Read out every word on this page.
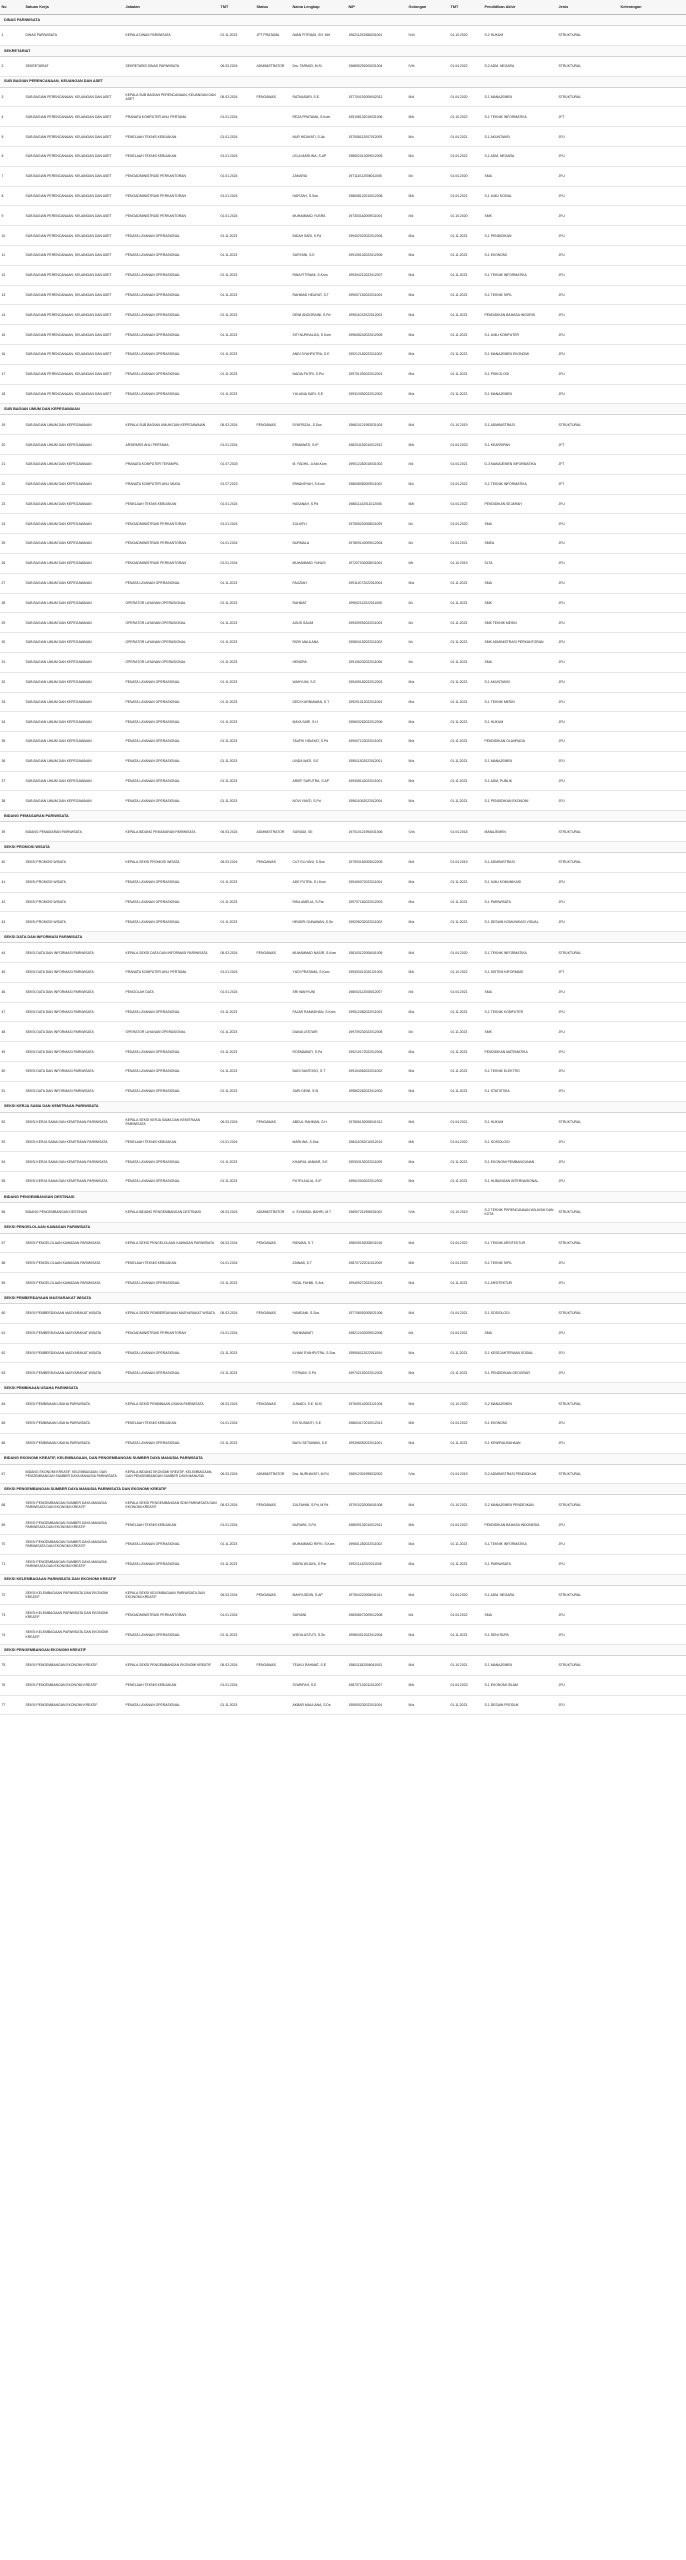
No	Satuan Kerja	Jabatan	TMT	Status	Nama Lengkap	NIP	Golongan	TMT	Pendidikan Akhir	Jenis	Keterangan
DINAS PARIWISATA											
1	DINAS PARIWISATA	KEPALA DINAS PARIWISATA	01.11.2023	JPT PRATAMA	IWAN FITRIADI, SH, MH	196211251986031004	IV/d	01.10.2020	S-2 HUKUM	STRUKTURAL	
SEKRETARIAT											
2	SEKRETARIAT	SEKRETARIS DINAS PARIWISATA	06.03.2024	ADMINISTRATOR	Drs. TARMIZI, M.Si	196805292000031004	IV/b	01.04.2022	S-2 ADM. NEGARA	STRUKTURAL	
SUB BAGIAN PERENCANAAN, KEUANGAN DAN ASET											
3	SUB BAGIAN PERENCANAAN, KEUANGAN DAN ASET	KEPALA SUB BAGIAN PERENCANAAN, KEUANGAN DAN ASET	06.03.2024	PENGAWAS	RATNASARI, S.E.	197704192006042012	III/d	01.04.2020	S-1 MANAJEMEN	STRUKTURAL	
4	SUB BAGIAN PERENCANAAN, KEUANGAN DAN ASET	PRANATA KOMPUTER AHLI PERTAMA	01.01.2024		REZA PRATAMA, S.Kom	199108132019031006	III/b	01.10.2022	S-1 TEKNIK INFORMATIKA	JFT	
5	SUB BAGIAN PERENCANAAN, KEUANGAN DAN ASET	PENELAAH TEKNIS KEBIJAKAN	01.01.2024		NUR HIDAYATI, S.Ak	197508112007012009	III/c	01.04.2021	S-1 AKUNTANSI	JFU	
6	SUB BAGIAN PERENCANAAN, KEUANGAN DAN ASET	PENELAAH TEKNIS KEBIJAKAN	01.01.2024		LELA MARLINA, S.AP	198502012009012005	III/c	01.04.2022	S-1 ADM. NEGARA	JFU	
7	SUB BAGIAN PERENCANAAN, KEUANGAN DAN ASET	PENGADMINISTRASI PERKANTORAN	01.01.2024		ZAKARIA	197111012008011005	II/c	01.04.2020	SMA	JFU	
8	SUB BAGIAN PERENCANAAN, KEUANGAN DAN ASET	PENGADMINISTRASI PERKANTORAN	01.01.2024		HAFIZAH, S.Sos	198608122010012008	III/b	01.04.2021	S-1 ILMU SOSIAL	JFU	
9	SUB BAGIAN PERENCANAAN, KEUANGAN DAN ASET	PENGADMINISTRASI PERKANTORAN	01.01.2024		MUHAMMAD YUSRA	197303162009011004	II/d	01.10.2020	SMK	JFU	
10	SUB BAGIAN PERENCANAAN, KEUANGAN DAN ASET	PENATA LAYANAN OPERASIONAL	01.11.2023		INDAH SARI, S.Pd	199402022022012004	III/a	01.11.2023	S-1 PENDIDIKAN	JFU	
11	SUB BAGIAN PERENCANAAN, KEUANGAN DAN ASET	PENATA LAYANAN OPERASIONAL	01.11.2023		SURYANI, S.E	199105132022012006	III/a	01.11.2023	S-1 EKONOMI	JFU	
12	SUB BAGIAN PERENCANAAN, KEUANGAN DAN ASET	PENATA LAYANAN OPERASIONAL	01.11.2023		RINA FITRIANI, S.Kom	199304212022012007	III/a	01.11.2023	S-1 TEKNIK INFORMATIKA	JFU	
13	SUB BAGIAN PERENCANAAN, KEUANGAN DAN ASET	PENATA LAYANAN OPERASIONAL	01.11.2023		RAHMAD HIDAYAT, S.T	199007152022011004	III/a	01.11.2023	S-1 TEKNIK SIPIL	JFU	
14	SUB BAGIAN PERENCANAAN, KEUANGAN DAN ASET	PENATA LAYANAN OPERASIONAL	01.11.2023		DEWI ANGGRAINI, S.Pd	199511022022012003	III/a	01.11.2023	PENDIDIKAN BAHASA INGGRIS	JFU	
15	SUB BAGIAN PERENCANAAN, KEUANGAN DAN ASET	PENATA LAYANAN OPERASIONAL	01.11.2023		SITI NURHALIZA, S.Kom	199608242022012005	III/a	01.11.2023	S-1 ILMU KOMPUTER	JFU	
16	SUB BAGIAN PERENCANAAN, KEUANGAN DAN ASET	PENATA LAYANAN OPERASIONAL	01.11.2023		ANDI SYAHPUTRA, S.E	199212182022011002	III/a	01.11.2023	S-1 MANAJEMEN EKONOMI	JFU	
17	SUB BAGIAN PERENCANAAN, KEUANGAN DAN ASET	PENATA LAYANAN OPERASIONAL	01.11.2023		NADIA PUTRI, S.Psi	199701092022012001	III/a	01.11.2023	S-1 PSIKOLOGI	JFU	
18	SUB BAGIAN PERENCANAAN, KEUANGAN DAN ASET	PENATA LAYANAN OPERASIONAL	01.11.2023		YULIANA SARI, S.E	199310052022012002	III/a	01.11.2023	S-1 MANAJEMEN	JFU	
SUB BAGIAN UMUM DAN KEPEGAWAIAN											
19	SUB BAGIAN UMUM DAN KEPEGAWAIAN	KEPALA SUB BAGIAN UMUM DAN KEPEGAWAIAN	06.03.2024	PENGAWAS	SYAFRIZAL, S.Sos	196810121993031003	III/d	01.10.2019	S-1 ADMINISTRASI	STRUKTURAL	
20	SUB BAGIAN UMUM DAN KEPEGAWAIAN	ARSIPARIS AHLI PERTAMA	01.01.2024		ERMAWATI, S.IP	198204152010012012	III/b	01.04.2023	S-1 KEARSIPAN	JFT	
21	SUB BAGIAN UMUM DAN KEPEGAWAIAN	PRANATA KOMPUTER TERAMPIL	01.07.2023		M. FADHIL, A.Md.Kom	199012262015031002	II/d	01.04.2021	D-3 MANAJEMEN INFORMATIKA	JFT	
22	SUB BAGIAN UMUM DAN KEPEGAWAIAN	PRANATA KOMPUTER AHLI MUDA	01.07.2023		IRWANSYAH, S.Kom	198608082009011002	III/c	01.04.2022	S-1 TEKNIK INFORMATIKA	JFT	
23	SUB BAGIAN UMUM DAN KEPEGAWAIAN	PENELAAH TEKNIS KEBIJAKAN	01.01.2024		HASANAH, S.Pd	198811142011012006	III/b	01.04.2022	PENDIDIKAN SEJARAH	JFU	
24	SUB BAGIAN UMUM DAN KEPEGAWAIAN	PENGADMINISTRASI PERKANTORAN	01.01.2024		ZULKIFLI	197505202008011009	II/c	01.04.2020	SMA	JFU	
25	SUB BAGIAN UMUM DAN KEPEGAWAIAN	PENGADMINISTRASI PERKANTORAN	01.01.2024		NURMALA	197809142009012004	II/c	01.04.2021	SMEA	JFU	
26	SUB BAGIAN UMUM DAN KEPEGAWAIAN	PENGADMINISTRASI PERKANTORAN	01.01.2024		MUHAMMAD YUNUS	197207032008011004	II/b	01.10.2019	SLTA	JFU	
27	SUB BAGIAN UMUM DAN KEPEGAWAIAN	PENATA LAYANAN OPERASIONAL	01.11.2023		FAUZIAH	199112072022012004	III/a	01.11.2023	SMA	JFU	
28	SUB BAGIAN UMUM DAN KEPEGAWAIAN	OPERATOR LAYANAN OPERASIONAL	01.11.2023		RAHMAT	199502112022011005	II/c	01.11.2023	SMK	JFU	
29	SUB BAGIAN UMUM DAN KEPEGAWAIAN	OPERATOR LAYANAN OPERASIONAL	01.11.2023		AGUS SALIM	199309092022011003	II/c	01.11.2023	SMK TEKNIK MESIN	JFU	
30	SUB BAGIAN UMUM DAN KEPEGAWAIAN	OPERATOR LAYANAN OPERASIONAL	01.11.2023		RIZKI MAULANA	199804152022011002	II/c	01.11.2023	SMK ADMINISTRASI PERKANTORAN	JFU	
31	SUB BAGIAN UMUM DAN KEPEGAWAIAN	OPERATOR LAYANAN OPERASIONAL	01.11.2023		HENDRA	199106202022011006	II/c	01.11.2023	SMA	JFU	
32	SUB BAGIAN UMUM DAN KEPEGAWAIAN	PENATA LAYANAN OPERASIONAL	01.11.2023		WAHYUNI, S.E	199405182022012003	III/a	01.11.2023	S-1 AKUNTANSI	JFU	
33	SUB BAGIAN UMUM DAN KEPEGAWAIAN	PENATA LAYANAN OPERASIONAL	01.11.2023		DEDI KURNIAWAN, S.T	199201012022011004	III/a	01.11.2023	S-1 TEKNIK MESIN	JFU	
34	SUB BAGIAN UMUM DAN KEPEGAWAIAN	PENATA LAYANAN OPERASIONAL	01.11.2023		MAYA SARI, S.H	199603252022012006	III/a	01.11.2023	S-1 HUKUM	JFU	
35	SUB BAGIAN UMUM DAN KEPEGAWAIAN	PENATA LAYANAN OPERASIONAL	01.11.2023		TAUFIK HIDAYAT, S.Pd	199007122022011003	III/a	01.11.2023	PENDIDIKAN OLAHRAGA	JFU	
36	SUB BAGIAN UMUM DAN KEPEGAWAIAN	PENATA LAYANAN OPERASIONAL	01.11.2023		LINDA WATI, S.E	199511302022012001	III/a	01.11.2023	S-1 MANAJEMEN	JFU	
37	SUB BAGIAN UMUM DAN KEPEGAWAIAN	PENATA LAYANAN OPERASIONAL	01.11.2023		ARIEF SAPUTRA, S.AP	199308142022011001	III/a	01.11.2023	S-1 ADM. PUBLIK	JFU	
38	SUB BAGIAN UMUM DAN KEPEGAWAIAN	PENATA LAYANAN OPERASIONAL	01.11.2023		NOVI YANTI, S.Pd	199611062022012004	III/a	01.11.2023	S-1 PENDIDIKAN EKONOMI	JFU	
BIDANG PEMASARAN PARIWISATA											
39	BIDANG PEMASARAN PARIWISATA	KEPALA BIDANG PEMASARAN PARIWISATA	06.03.2024	ADMINISTRATOR	SURIADI, SE	197010121994031006	IV/a	01.04.2018	MANAJEMEN	STRUKTURAL	
SEKSI PROMOSI WISATA											
40	SEKSI PROMOSI WISATA	KEPALA SEKSI PROMOSI WISATA	06.03.2024	PENGAWAS	CUT ELLYANI, S.Sos	197903182005022005	III/d	01.04.2019	S-1 ADMINISTRASI	STRUKTURAL	
41	SEKSI PROMOSI WISATA	PENATA LAYANAN OPERASIONAL	01.11.2023		ADE PUTRA, S.I.Kom	199406072022011004	III/a	01.11.2023	S-1 ILMU KOMUNIKASI	JFU	
42	SEKSI PROMOSI WISATA	PENATA LAYANAN OPERASIONAL	01.11.2023		RIKA AMELIA, S.Par	199707182022012003	III/a	01.11.2023	S-1 PARIWISATA	JFU	
43	SEKSI PROMOSI WISATA	PENATA LAYANAN OPERASIONAL	01.11.2023		HENDRI GUNAWAN, S.Sn	199208232022011002	III/a	01.11.2023	S-1 DESAIN KOMUNIKASI VISUAL	JFU	
SEKSI DATA DAN INFORMASI PARIWISATA											
44	SEKSI DATA DAN INFORMASI PARIWISATA	KEPALA SEKSI DATA DAN INFORMASI PARIWISATA	06.03.2024	PENGAWAS	MUHAMMAD NASIR, S.Kom	198103122006041005	III/d	01.04.2020	S-1 TEKNIK INFORMATIKA	STRUKTURAL	
45	SEKSI DATA DAN INFORMASI PARIWISATA	PRANATA KOMPUTER AHLI PERTAMA	01.01.2024		YUDI PRATAMA, S.Kom	199303012020121003	III/b	01.10.2022	S-1 SISTEM INFORMASI	JFT	
46	SEKSI DATA DAN INFORMASI PARIWISATA	PENGOLAH DATA	01.01.2024		SRI WAHYUNI	198002112008012007	II/d	01.04.2021	SMA	JFU	
47	SEKSI DATA DAN INFORMASI PARIWISATA	PENATA LAYANAN OPERASIONAL	01.11.2023		FAJAR RAMADHAN, S.Kom	199512082022011003	III/a	01.11.2023	S-1 TEKNIK KOMPUTER	JFU	
48	SEKSI DATA DAN INFORMASI PARIWISATA	OPERATOR LAYANAN OPERASIONAL	01.11.2023		DIANA LESTARI	199709232022012005	II/c	01.11.2023	SMK	JFU	
49	SEKSI DATA DAN INFORMASI PARIWISATA	PENATA LAYANAN OPERASIONAL	01.11.2023		ROSMAWATI, S.Pd	199210172022012004	III/a	01.11.2023	PENDIDIKAN MATEMATIKA	JFU	
50	SEKSI DATA DAN INFORMASI PARIWISATA	PENATA LAYANAN OPERASIONAL	01.11.2023		BUDI SANTOSO, S.T	199104062022011002	III/a	01.11.2023	S-1 TEKNIK ELEKTRO	JFU	
51	SEKSI DATA DAN INFORMASI PARIWISATA	PENATA LAYANAN OPERASIONAL	01.11.2023		SARI DEWI, S.Si	199802262022012002	III/a	01.11.2023	S-1 STATISTIKA	JFU	
SEKSI KERJA SAMA DAN KEMITRAAN PARIWISATA											
52	SEKSI KERJA SAMA DAN KEMITRAAN PARIWISATA	KEPALA SEKSI KERJA SAMA DAN KEMITRAAN PARIWISATA	06.03.2024	PENGAWAS	ABDUL RAHMAN, S.H	197806152006041012	III/d	01.04.2021	S-1 HUKUM	STRUKTURAL	
53	SEKSI KERJA SAMA DAN KEMITRAAN PARIWISATA	PENELAAH TEKNIS KEBIJAKAN	01.01.2024		MARLINA, S.Sos	198411052010012014	III/b	01.04.2022	S-1 SOSIOLOGI	JFU	
54	SEKSI KERJA SAMA DAN KEMITRAAN PARIWISATA	PENATA LAYANAN OPERASIONAL	01.11.2023		KHAIRUL ANWAR, S.E	199303192022011005	III/a	01.11.2023	S-1 EKONOMI PEMBANGUNAN	JFU	
55	SEKSI KERJA SAMA DAN KEMITRAAN PARIWISATA	PENATA LAYANAN OPERASIONAL	01.11.2023		PUTRI AULIA, S.IP	199610042022012002	III/a	01.11.2023	S-1 HUBUNGAN INTERNASIONAL	JFU	
BIDANG PENGEMBANGAN DESTINASI											
56	BIDANG PENGEMBANGAN DESTINASI	KEPALA BIDANG PENGEMBANGAN DESTINASI	06.03.2024	ADMINISTRATOR	Ir. SYAMSUL BAHRI, M.T	196907211996031002	IV/a	01.10.2019	S-2 TEKNIK PERENCANAAN WILAYAH DAN KOTA	STRUKTURAL	
SEKSI PENGELOLAAN KAWASAN PARIWISATA											
57	SEKSI PENGELOLAAN KAWASAN PARIWISATA	KEPALA SEKSI PENGELOLAAN KAWASAN PARIWISATA	06.03.2024	PENGAWAS	RIDWAN, S.T	198005152008011015	III/d	01.04.2022	S-1 TEKNIK ARSITEKTUR	STRUKTURAL	
58	SEKSI PENGELOLAAN KAWASAN PARIWISATA	PENELAAH TEKNIS KEBIJAKAN	01.01.2024		ZAINAB, S.T	198707222011012009	III/b	01.04.2023	S-1 TEKNIK SIPIL	JFU	
59	SEKSI PENGELOLAAN KAWASAN PARIWISATA	PENATA LAYANAN OPERASIONAL	01.11.2023		RIZAL FAHMI, S.Ars	199409272022011003	III/a	01.11.2023	S-1 ARSITEKTUR	JFU	
SEKSI PEMBERDAYAAN MASYARAKAT WISATA											
60	SEKSI PEMBERDAYAAN MASYARAKAT WISATA	KEPALA SEKSI PEMBERDAYAAN MASYARAKAT WISATA	06.03.2024	PENGAWAS	HAMDANI, S.Sos	197708092005021006	III/d	01.04.2021	S-1 SOSIOLOGI	STRUKTURAL	
61	SEKSI PEMBERDAYAAN MASYARAKAT WISATA	PENGADMINISTRASI PERKANTORAN	01.01.2024		RAHMAWATI	198212032009012006	II/d	01.04.2021	SMA	JFU	
62	SEKSI PEMBERDAYAAN MASYARAKAT WISATA	PENATA LAYANAN OPERASIONAL	01.11.2023		ILHAM SYAHPUTRA, S.Sos	199506112022011004	III/a	01.11.2023	S-1 KESEJAHTERAAN SOSIAL	JFU	
63	SEKSI PEMBERDAYAAN MASYARAKAT WISATA	PENATA LAYANAN OPERASIONAL	01.11.2023		FITRIANI, S.Pd	199702192022012003	III/a	01.11.2023	S-1 PENDIDIKAN GEOGRAFI	JFU	
SEKSI PEMBINAAN USAHA PARIWISATA											
64	SEKSI PEMBINAAN USAHA PARIWISATA	KEPALA SEKSI PEMBINAAN USAHA PARIWISATA	06.03.2024	PENGAWAS	JUNAIDI, S.E, M.Si	197609142003121004	III/d	01.10.2020	S-2 MANAJEMEN	STRUKTURAL	
65	SEKSI PEMBINAAN USAHA PARIWISATA	PENELAAH TEKNIS KEBIJAKAN	01.01.2024		EVI SUSANTI, S.E	198604172010012013	III/b	01.04.2022	S-1 EKONOMI	JFU	
66	SEKSI PEMBINAAN USAHA PARIWISATA	PENATA LAYANAN OPERASIONAL	01.11.2023		BAYU SETIAWAN, S.E	199308052022011001	III/a	01.11.2023	S-1 KEWIRAUSAHAAN	JFU	
BIDANG EKONOMI KREATIF, KELEMBAGAAN, DAN PENGEMBANGAN SUMBER DAYA MANUSIA PARIWISATA											
67	BIDANG EKONOMI KREATIF, KELEMBAGAAN, DAN PENGEMBANGAN SUMBER DAYA MANUSIA PARIWISATA	KEPALA BIDANG EKONOMI KREATIF, KELEMBAGAAN, DAN PENGEMBANGAN SUMBER DAYA MANUSIA	06.03.2024	ADMINISTRATOR	Dra. NURHAYATI, M.Pd	196912301995032002	IV/a	01.04.2019	S-2 ADMINISTRASI PENDIDIKAN	STRUKTURAL	
SEKSI PENGEMBANGAN SUMBER DAYA MANUSIA PARIWISATA DAN EKONOMI KREATIF											
68	SEKSI PENGEMBANGAN SUMBER DAYA MANUSIA PARIWISATA DAN EKONOMI KREATIF	KEPALA SEKSI PENGEMBANGAN SDM PARIWISATA DAN EKONOMI KREATIF	06.03.2024	PENGAWAS	ZULFAHMI, S.Pd, M.Pd	197910232006041008	III/d	01.10.2021	S-2 MANAJEMEN PENDIDIKAN	STRUKTURAL	
69	SEKSI PENGEMBANGAN SUMBER DAYA MANUSIA PARIWISATA DAN EKONOMI KREATIF	PENELAAH TEKNIS KEBIJAKAN	01.01.2024		NURAINI, S.Pd	198509132010012011	III/b	01.04.2022	PENDIDIKAN BAHASA INDONESIA	JFU	
70	SEKSI PENGEMBANGAN SUMBER DAYA MANUSIA PARIWISATA DAN EKONOMI KREATIF	PENATA LAYANAN OPERASIONAL	01.11.2023		MUHAMMAD RIFKI, S.Kom	199601282022011002	III/a	01.11.2023	S-1 TEKNIK INFORMATIKA	JFU	
71	SEKSI PENGEMBANGAN SUMBER DAYA MANUSIA PARIWISATA DAN EKONOMI KREATIF	PENATA LAYANAN OPERASIONAL	01.11.2023		INDRA WIJAYA, S.Par	199211142022011005	III/a	01.11.2023	S-1 PARIWISATA	JFU	
SEKSI KELEMBAGAAN PARIWISATA DAN EKONOMI KREATIF											
72	SEKSI KELEMBAGAAN PARIWISATA DAN EKONOMI KREATIF	KEPALA SEKSI KELEMBAGAAN PARIWISATA DAN EKONOMI KREATIF	06.03.2024	PENGAWAS	MAHYUDDIN, S.AP	197504222006041011	III/d	01.04.2020	S-1 ADM. NEGARA	STRUKTURAL	
73	SEKSI KELEMBAGAAN PARIWISATA DAN EKONOMI KREATIF	PENGADMINISTRASI PERKANTORAN	01.01.2024		SURIANI	198308072009012008	II/d	01.04.2022	SMA	JFU	
74	SEKSI KELEMBAGAAN PARIWISATA DAN EKONOMI KREATIF	PENATA LAYANAN OPERASIONAL	01.11.2023		WIDYA ASTUTI, S.Sn	199804012022012004	III/a	01.11.2023	S-1 SENI RUPA	JFU	
SEKSI PENGEMBANGAN EKONOMI KREATIF											
75	SEKSI PENGEMBANGAN EKONOMI KREATIF	KEPALA SEKSI PENGEMBANGAN EKONOMI KREATIF	06.03.2024	PENGAWAS	TEUKU RAHMAT, S.E	198011182006041003	III/d	01.10.2021	S-1 MANAJEMEN	STRUKTURAL	
76	SEKSI PENGEMBANGAN EKONOMI KREATIF	PENELAAH TEKNIS KEBIJAKAN	01.01.2024		SYARIFAH, S.E	198707102011012007	III/b	01.04.2023	S-1 EKONOMI ISLAM	JFU	
77	SEKSI PENGEMBANGAN EKONOMI KREATIF	PENATA LAYANAN OPERASIONAL	01.11.2023		AKBAR MAULANA, S.Ds	199505232022011004	III/a	01.11.2023	S-1 DESAIN PRODUK	JFU	
